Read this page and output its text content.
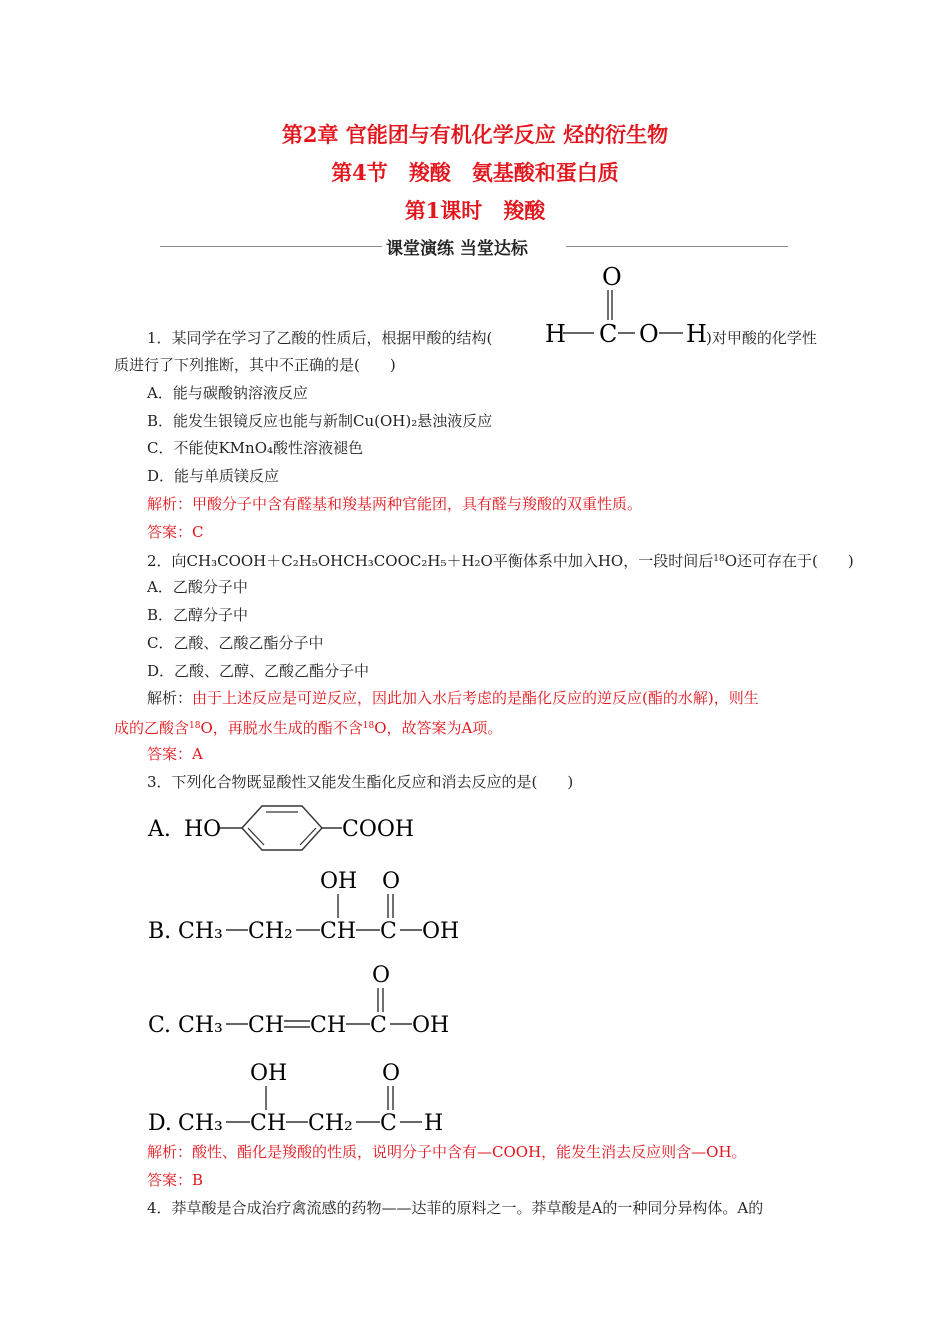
第2章 官能团与有机化学反应 烃的衍生物
第4节　羧酸　氨基酸和蛋白质
第1课时　羧酸
课堂演练 当堂达标
1．某同学在学习了乙酸的性质后，根据甲酸的结构(
O
H C O H )对甲酸的化学性
质进行了下列推断，其中不正确的是(　　)
A．能与碳酸钠溶液反应
B．能发生银镜反应也能与新制Cu(OH)₂悬浊液反应
C．不能使KMnO₄酸性溶液褪色
D．能与单质镁反应
解析：甲酸分子中含有醛基和羧基两种官能团，具有醛与羧酸的双重性质。
答案：C
2．向CH₃COOH＋C₂H₅OHCH₃COOC₂H₅＋H₂O平衡体系中加入HO，一段时间后$^{18}$O还可存在于(　　)
A．乙酸分子中
B．乙醇分子中
C．乙酸、乙酸乙酯分子中
D．乙酸、乙醇、乙酸乙酯分子中
解析：由于上述反应是可逆反应，因此加入水后考虑的是酯化反应的逆反应(酯的水解)，则生
成的乙酸含$^{18}$O，再脱水生成的酯不含$^{18}$O，故答案为A项。
答案：A
3．下列化合物既显酸性又能发生酯化反应和消去反应的是(　　)
A. HO	COOH
OH O
B. CH₃ CH₂ CH C OH
O
C. CH₃ CH CH C OH
OH	O
D. CH₃ CH CH₂ C H
解析：酸性、酯化是羧酸的性质，说明分子中含有—COOH，能发生消去反应则含—OH。
答案：B
4．莽草酸是合成治疗禽流感的药物——达菲的原料之一。莽草酸是A的一种同分异构体。A的
